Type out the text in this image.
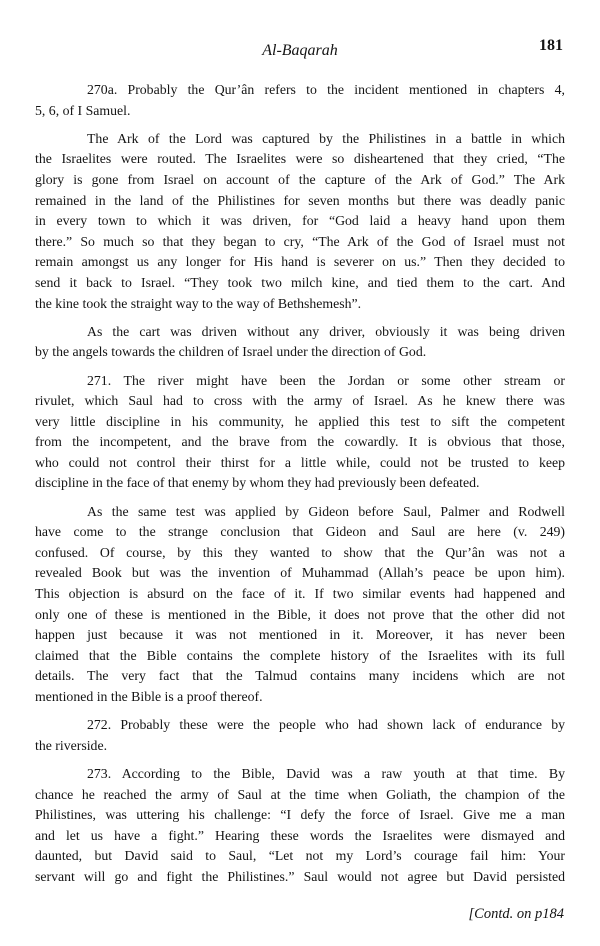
Al-Baqarah	181
270a. Probably the Qur’ân refers to the incident mentioned in chapters 4,
5, 6, of I Samuel.
The Ark of the Lord was captured by the Philistines in a battle in which
the Israelites were routed. The Israelites were so disheartened that they cried, “The
glory is gone from Israel on account of the capture of the Ark of God.” The Ark
remained in the land of the Philistines for seven months but there was deadly panic
in every town to which it was driven, for “God laid a heavy hand upon them
there.” So much so that they began to cry, “The Ark of the God of Israel must not
remain amongst us any longer for His hand is severer on us.” Then they decided to
send it back to Israel. “They took two milch kine, and tied them to the cart. And
the kine took the straight way to the way of Bethshemesh”.
As the cart was driven without any driver, obviously it was being driven
by the angels towards the children of Israel under the direction of God.
271. The river might have been the Jordan or some other stream or
rivulet, which Saul had to cross with the army of Israel. As he knew there was
very little discipline in his community, he applied this test to sift the competent
from the incompetent, and the brave from the cowardly. It is obvious that those,
who could not control their thirst for a little while, could not be trusted to keep
discipline in the face of that enemy by whom they had previously been defeated.
As the same test was applied by Gideon before Saul, Palmer and Rodwell
have come to the strange conclusion that Gideon and Saul are here (v. 249)
confused. Of course, by this they wanted to show that the Qur’ân was not a
revealed Book but was the invention of Muhammad (Allah’s peace be upon him).
This objection is absurd on the face of it. If two similar events had happened and
only one of these is mentioned in the Bible, it does not prove that the other did not
happen just because it was not mentioned in it. Moreover, it has never been
claimed that the Bible contains the complete history of the Israelites with its full
details. The very fact that the Talmud contains many incidens which are not
mentioned in the Bible is a proof thereof.
272. Probably these were the people who had shown lack of endurance by
the riverside.
273. According to the Bible, David was a raw youth at that time. By
chance he reached the army of Saul at the time when Goliath, the champion of the
Philistines, was uttering his challenge: “I defy the force of Israel. Give me a man
and let us have a fight.” Hearing these words the Israelites were dismayed and
daunted, but David said to Saul, “Let not my Lord’s courage fail him: Your
servant will go and fight the Philistines.” Saul would not agree but David persisted
[Contd. on p184
